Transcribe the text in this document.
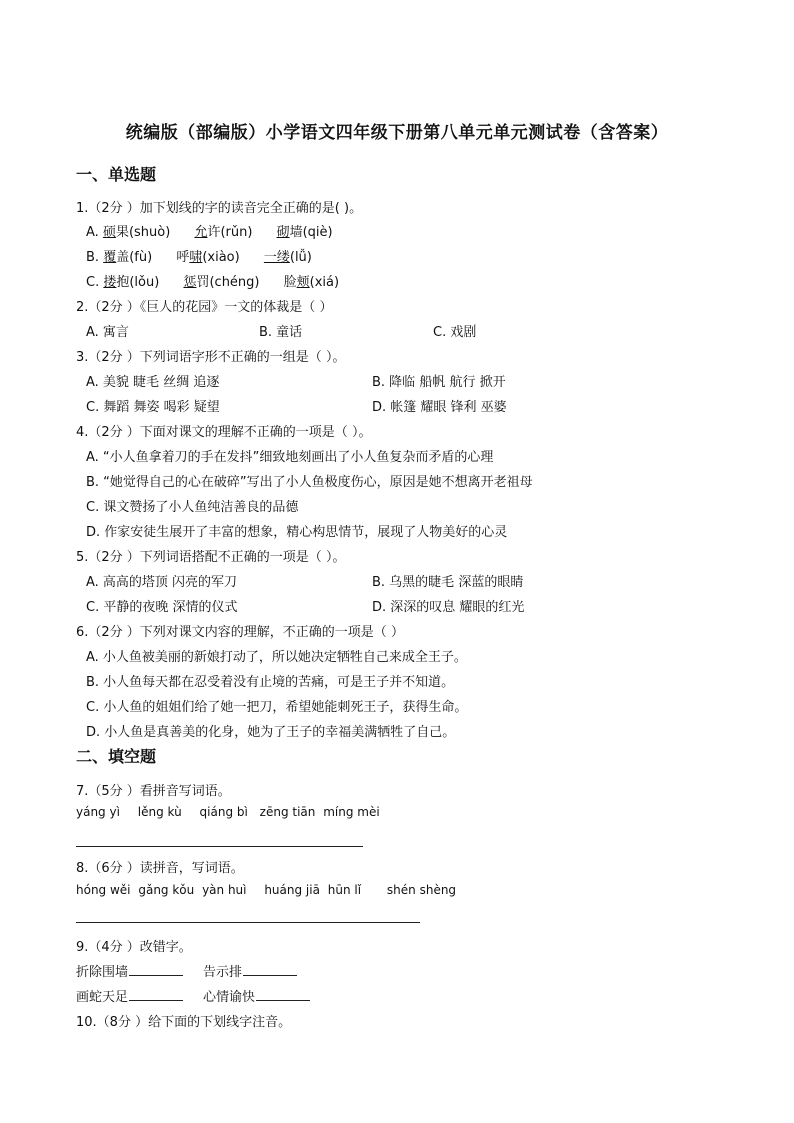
统编版（部编版）小学语文四年级下册第八单元单元测试卷（含答案）
一、单选题
1.（2分 ）加下划线的字的读音完全正确的是( )。
A. 硕果(shuò) 允许(rǔn) 砌墙(qiè)
B. 覆盖(fù) 呼啸(xiào) 一缕(lǚ)
C. 搂抱(lǒu) 惩罚(chéng) 脸颊(xiá)
2.（2分 ）《巨人的花园》一文的体裁是（ ）
A. 寓言	B. 童话	C. 戏剧
3.（2分 ）下列词语字形不正确的一组是（ ）。
A. 美貌 睫毛 丝绸 追逐	B. 降临 船帆 航行 掀开
C. 舞蹈 舞姿 喝彩 疑望	D. 帐篷 耀眼 锋利 巫婆
4.（2分 ）下面对课文的理解不正确的一项是（ ）。
A. “小人鱼拿着刀的手在发抖”细致地刻画出了小人鱼复杂而矛盾的心理
B. “她觉得自己的心在破碎”写出了小人鱼极度伤心，原因是她不想离开老祖母
C. 课文赞扬了小人鱼纯洁善良的品德
D. 作家安徒生展开了丰富的想象，精心构思情节，展现了人物美好的心灵
5.（2分 ）下列词语搭配不正确的一项是（ ）。
A. 高高的塔顶 闪亮的军刀	B. 乌黑的睫毛 深蓝的眼睛
C. 平静的夜晚 深情的仪式	D. 深深的叹息 耀眼的红光
6.（2分 ）下列对课文内容的理解，不正确的一项是（ ）
A. 小人鱼被美丽的新娘打动了，所以她决定牺牲自己来成全王子。
B. 小人鱼每天都在忍受着没有止境的苦痛，可是王子并不知道。
C. 小人鱼的姐姐们给了她一把刀，希望她能刺死王子，获得生命。
D. 小人鱼是真善美的化身，她为了王子的幸福美满牺牲了自己。
二、填空题
7.（5分 ）看拼音写词语。
yáng yì lěng kù qiáng bì zēng tiān míng mèi
8.（6分 ）读拼音，写词语。
hóng wěi gǎng kǒu yàn huì huáng jiā hūn lǐ shén shèng
9.（4分 ）改错字。
折除围墙	告示排
画蛇天足	心情谕快
10.（8分 ）给下面的下划线字注音。
